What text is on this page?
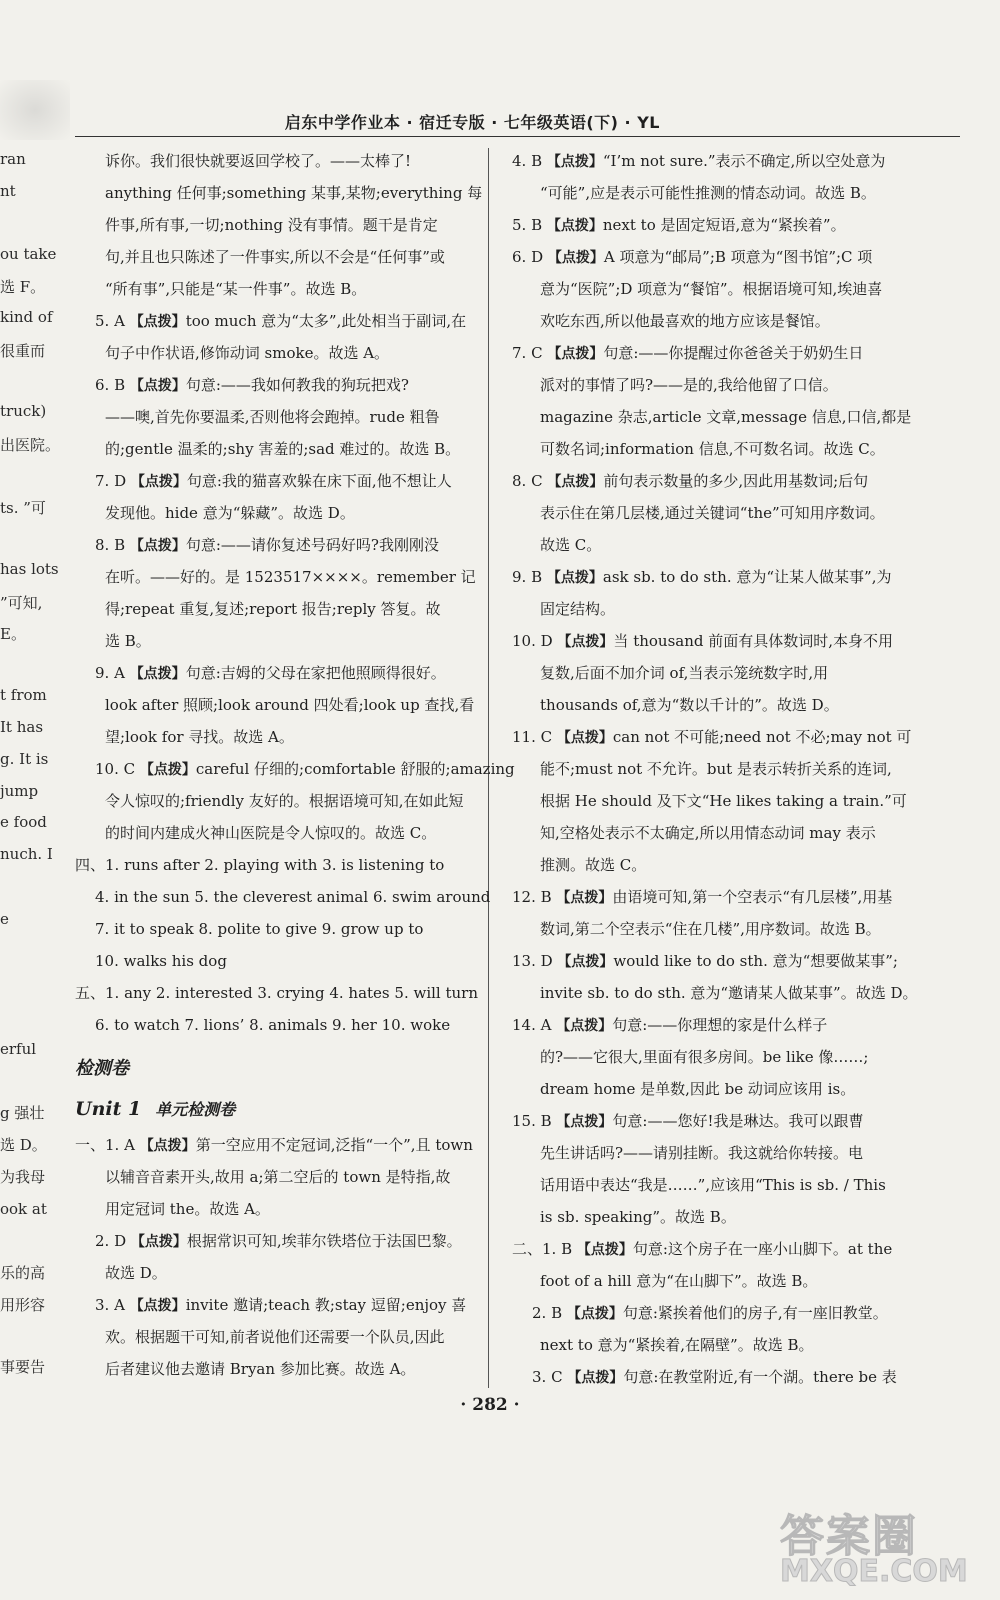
ran
nt
ou take
选 F。
kind of
很重而
truck)
出医院。
ts. ”可
has lots
”可知,
E。
t from
It has
g. It is
jump
e food
nuch. I
e
erful
g 强壮
选 D。
为我母
ook at
乐的高
用形容
事要告
启东中学作业本 · 宿迁专版 · 七年级英语(下) · YL
诉你。我们很快就要返回学校了。——太棒了!
anything 任何事;something 某事,某物;everything 每
件事,所有事,一切;nothing 没有事情。题干是肯定
句,并且也只陈述了一件事实,所以不会是“任何事”或
“所有事”,只能是“某一件事”。故选 B。
5. A 【点拨】too much 意为“太多”,此处相当于副词,在
句子中作状语,修饰动词 smoke。故选 A。
6. B 【点拨】句意:——我如何教我的狗玩把戏?
——噢,首先你要温柔,否则他将会跑掉。rude 粗鲁
的;gentle 温柔的;shy 害羞的;sad 难过的。故选 B。
7. D 【点拨】句意:我的猫喜欢躲在床下面,他不想让人
发现他。hide 意为“躲藏”。故选 D。
8. B 【点拨】句意:——请你复述号码好吗?我刚刚没
在听。——好的。是 1523517××××。remember 记
得;repeat 重复,复述;report 报告;reply 答复。故
选 B。
9. A 【点拨】句意:吉姆的父母在家把他照顾得很好。
look after 照顾;look around 四处看;look up 查找,看
望;look for 寻找。故选 A。
10. C 【点拨】careful 仔细的;comfortable 舒服的;amazing
令人惊叹的;friendly 友好的。根据语境可知,在如此短
的时间内建成火神山医院是令人惊叹的。故选 C。
四、1. runs after 2. playing with 3. is listening to
4. in the sun 5. the cleverest animal 6. swim around
7. it to speak 8. polite to give 9. grow up to
10. walks his dog
五、1. any 2. interested 3. crying 4. hates 5. will turn
6. to watch 7. lions’ 8. animals 9. her 10. woke
检测卷
Unit 1 单元检测卷
一、1. A 【点拨】第一空应用不定冠词,泛指“一个”,且 town
以辅音音素开头,故用 a;第二空后的 town 是特指,故
用定冠词 the。故选 A。
2. D 【点拨】根据常识可知,埃菲尔铁塔位于法国巴黎。
故选 D。
3. A 【点拨】invite 邀请;teach 教;stay 逗留;enjoy 喜
欢。根据题干可知,前者说他们还需要一个队员,因此
后者建议他去邀请 Bryan 参加比赛。故选 A。
4. B 【点拨】“I’m not sure.”表示不确定,所以空处意为
“可能”,应是表示可能性推测的情态动词。故选 B。
5. B 【点拨】next to 是固定短语,意为“紧挨着”。
6. D 【点拨】A 项意为“邮局”;B 项意为“图书馆”;C 项
意为“医院”;D 项意为“餐馆”。根据语境可知,埃迪喜
欢吃东西,所以他最喜欢的地方应该是餐馆。
7. C 【点拨】句意:——你提醒过你爸爸关于奶奶生日
派对的事情了吗?——是的,我给他留了口信。
magazine 杂志,article 文章,message 信息,口信,都是
可数名词;information 信息,不可数名词。故选 C。
8. C 【点拨】前句表示数量的多少,因此用基数词;后句
表示住在第几层楼,通过关键词“the”可知用序数词。
故选 C。
9. B 【点拨】ask sb. to do sth. 意为“让某人做某事”,为
固定结构。
10. D 【点拨】当 thousand 前面有具体数词时,本身不用
复数,后面不加介词 of,当表示笼统数字时,用
thousands of,意为“数以千计的”。故选 D。
11. C 【点拨】can not 不可能;need not 不必;may not 可
能不;must not 不允许。but 是表示转折关系的连词,
根据 He should 及下文“He likes taking a train.”可
知,空格处表示不太确定,所以用情态动词 may 表示
推测。故选 C。
12. B 【点拨】由语境可知,第一个空表示“有几层楼”,用基
数词,第二个空表示“住在几楼”,用序数词。故选 B。
13. D 【点拨】would like to do sth. 意为“想要做某事”;
invite sb. to do sth. 意为“邀请某人做某事”。故选 D。
14. A 【点拨】句意:——你理想的家是什么样子
的?——它很大,里面有很多房间。be like 像……;
dream home 是单数,因此 be 动词应该用 is。
15. B 【点拨】句意:——您好!我是琳达。我可以跟曹
先生讲话吗?——请别挂断。我这就给你转接。电
话用语中表达“我是……”,应该用“This is sb. / This
is sb. speaking”。故选 B。
二、1. B 【点拨】句意:这个房子在一座小山脚下。at the
foot of a hill 意为“在山脚下”。故选 B。
2. B 【点拨】句意:紧挨着他们的房子,有一座旧教堂。
next to 意为“紧挨着,在隔壁”。故选 B。
3. C 【点拨】句意:在教堂附近,有一个湖。there be 表
· 282 ·
答案圈
MXQE.COM
